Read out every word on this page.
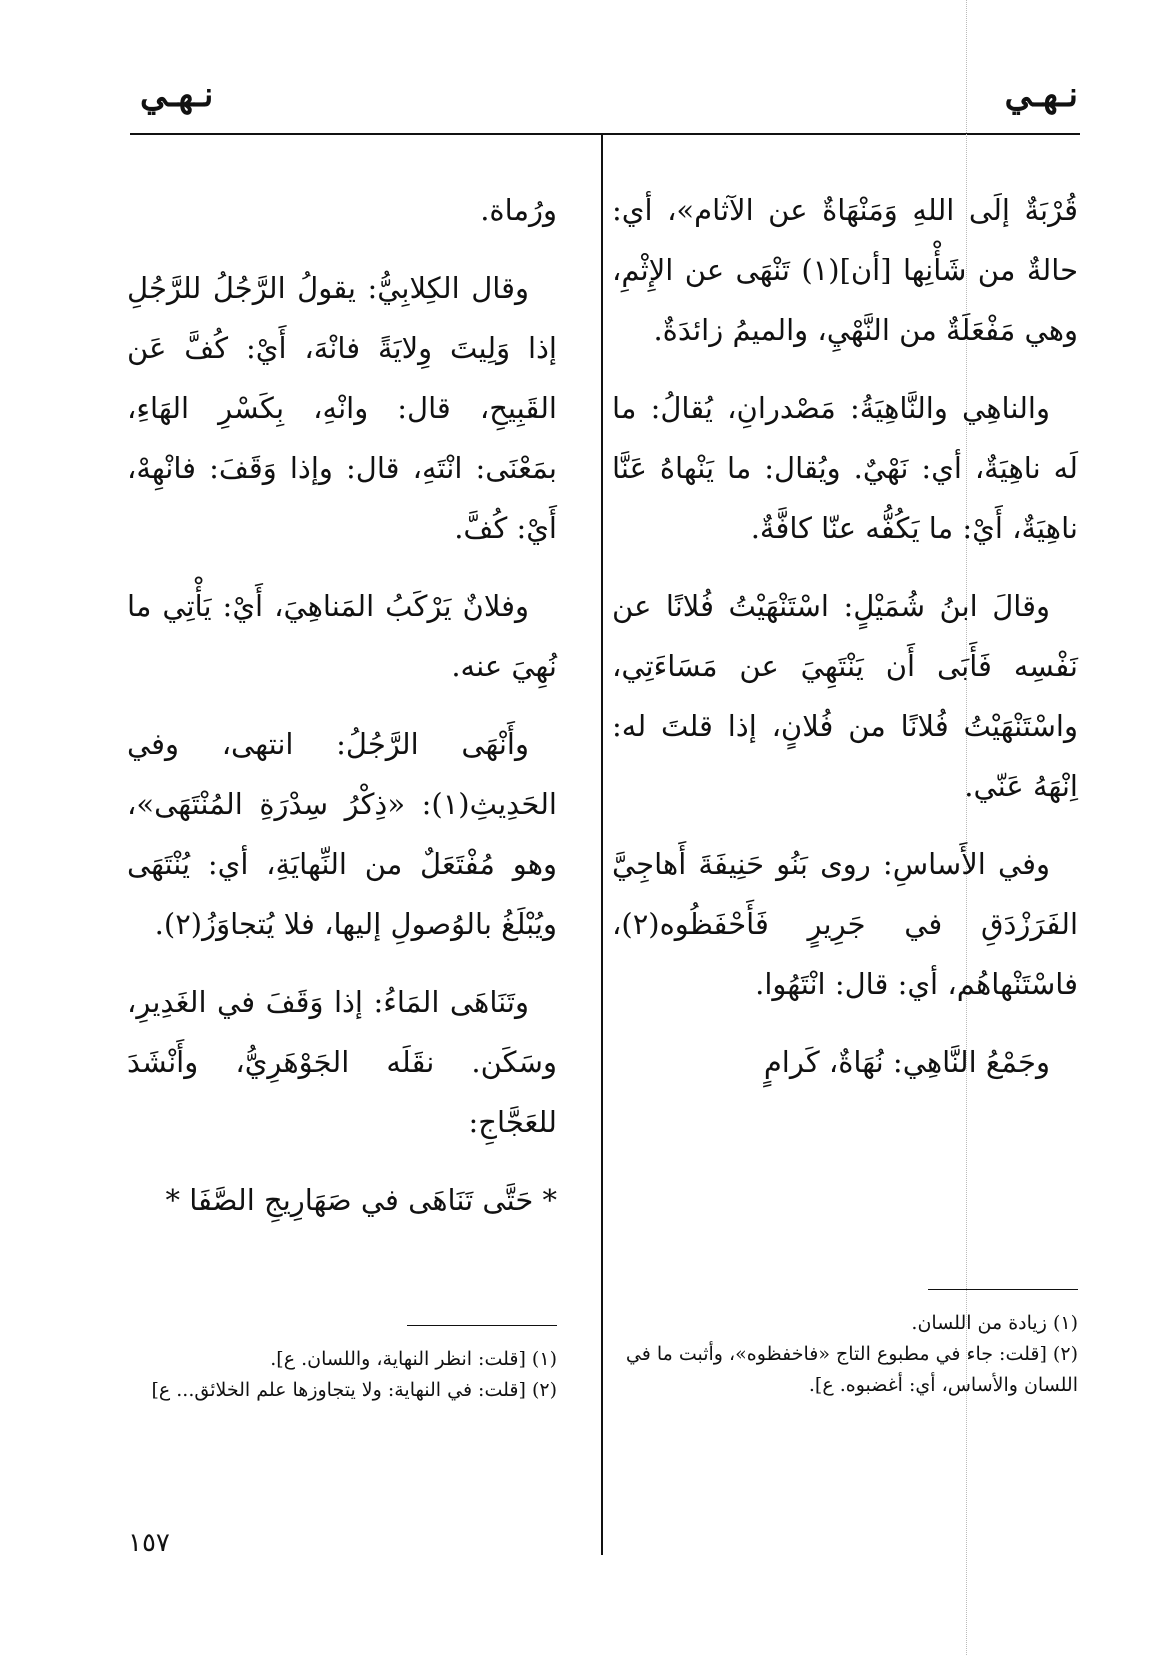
نـهـي
نـهـي

قُرْبَةٌ إلَى اللهِ وَمَنْهَاةٌ عن الآثام»، أي: حالةٌ من شَأْنِها [أن](١) تَنْهَى عن الإِثْمِ، وهي مَفْعَلَةٌ من النَّهْيِ، والميمُ زائدَةٌ.

والناهِي والنَّاهِيَةُ: مَصْدرانِ، يُقالُ: ما لَه ناهِيَةٌ، أي: نَهْيٌ. ويُقال: ما يَنْهاهُ عَنَّا ناهِيَةٌ، أَيْ: ما يَكُفُّه عنّا كافَّةٌ.

وقالَ ابنُ شُمَيْلٍ: اسْتَنْهَيْتُ فُلانًا عن نَفْسِه فَأَبَى أَن يَنْتَهِيَ عن مَسَاءَتِي، واسْتَنْهَيْتُ فُلانًا من فُلانٍ، إذا قلتَ له: اِنْهَهُ عَنّي.

وفي الأَساسِ: روى بَنُو حَنِيفَةَ أَهاجِيَّ الفَرَزْدَقِ في جَرِيرٍ فَأَحْفَظُوه(٢)، فاسْتَنْهاهُم، أي: قال: انْتَهُوا.

وجَمْعُ النَّاهِي: نُهَاةٌ، كَرامٍ

ورُماة.

وقال الكِلابِيُّ: يقولُ الرَّجُلُ للرَّجُلِ إذا وَلِيتَ وِلايَةً فانْهَ، أَيْ: كُفَّ عَن القَبِيحِ، قال: وانْهِ، بِكَسْرِ الهَاءِ، بمَعْنَى: انْتَهِ، قال: وإذا وَقَفَ: فانْهِهْ، أَيْ: كُفَّ.

وفلانٌ يَرْكَبُ المَناهِيَ، أَيْ: يَأْتِي ما نُهِيَ عنه.

وأَنْهَى الرَّجُلُ: انتهى، وفي الحَدِيثِ(١): «ذِكْرُ سِدْرَةِ المُنْتَهَى»، وهو مُفْتَعَلٌ من النِّهايَةِ، أي: يُنْتَهَى ويُبْلَغُ بالوُصولِ إليها، فلا يُتجاوَزُ(٢).

وتَنَاهَى المَاءُ: إذا وَقَفَ في الغَدِيرِ، وسَكَن. نقَلَه الجَوْهَرِيُّ، وأَنْشَدَ للعَجَّاجِ:

* حَتَّى تَنَاهَى في صَهَارِيجِ الصَّفَا *

(١) زيادة من اللسان.

(٢) [قلت: جاء في مطبوع التاج «فاخفظوه»، وأثبت ما في اللسان والأساس، أي: أغضبوه. ع].

(١) [قلت: انظر النهاية، واللسان. ع].

(٢) [قلت: في النهاية: ولا يتجاوزها علم الخلائق... ع]

١٥٧
